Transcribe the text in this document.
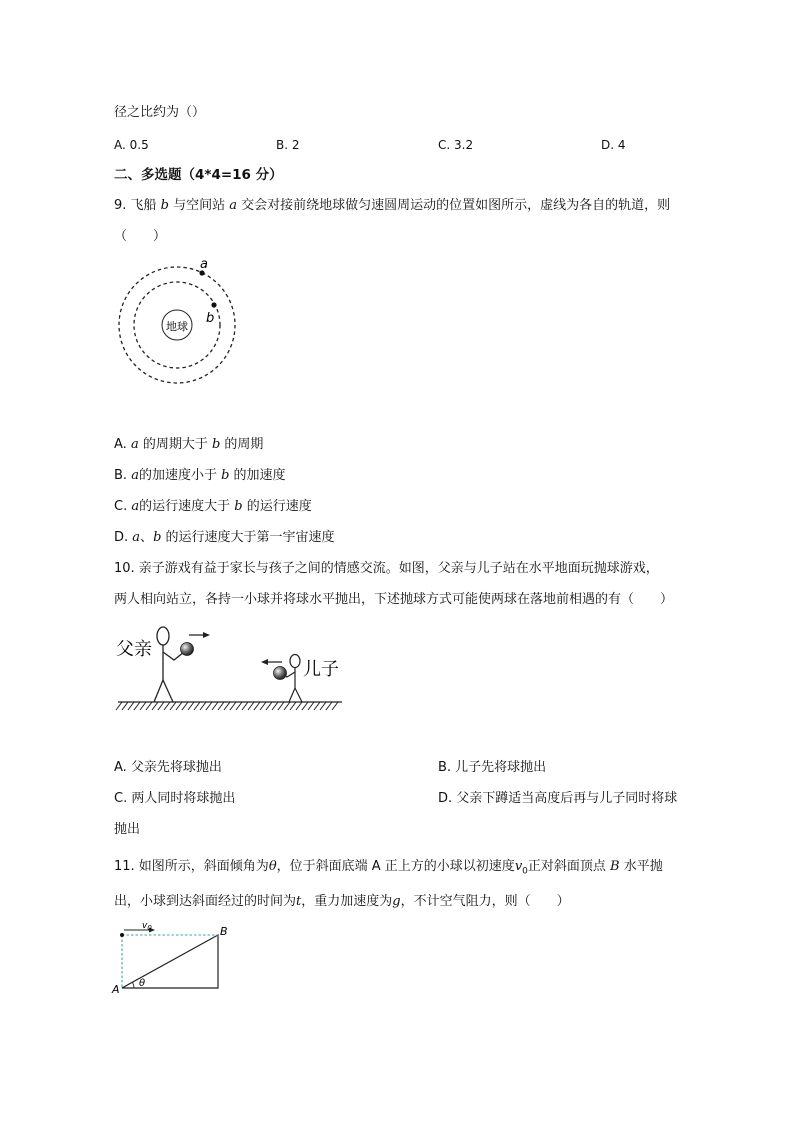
径之比约为（）
A. 0.5	B. 2	C. 3.2	D. 4
二、多选题（4*4=16 分）
9. 飞船 b 与空间站 a 交会对接前绕地球做匀速圆周运动的位置如图所示，虚线为各自的轨道，则
（　　）
地球
a
b
A. a 的周期大于 b 的周期
B. a的加速度小于 b 的加速度
C. a的运行速度大于 b 的运行速度
D. a、b 的运行速度大于第一宇宙速度
10. 亲子游戏有益于家长与孩子之间的情感交流。如图，父亲与儿子站在水平地面玩抛球游戏，
两人相向站立，各持一小球并将球水平抛出，下述抛球方式可能使两球在落地前相遇的有（　　）
父亲
儿子
A. 父亲先将球抛出	B. 儿子先将球抛出
C. 两人同时将球抛出	D. 父亲下蹲适当高度后再与儿子同时将球
抛出
11. 如图所示，斜面倾角为θ，位于斜面底端 A 正上方的小球以初速度$v_0$正对斜面顶点 B 水平抛
出，小球到达斜面经过的时间为t，重力加速度为g，不计空气阻力，则（　　）
$v_0$	B
A θ
